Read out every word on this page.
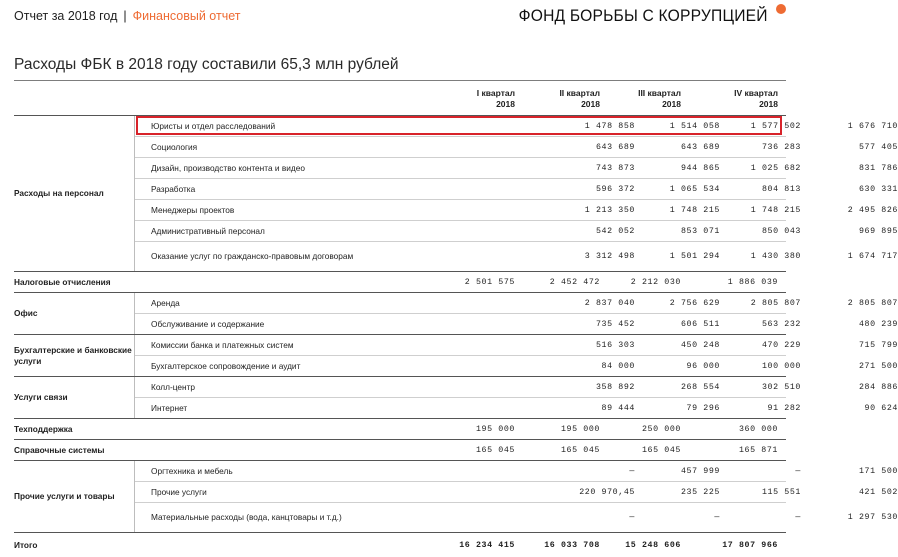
Отчет за 2018 год | Финансовый отчет	ФОНД БОРЬБЫ С КОРРУПЦИЕЙ
Расходы ФБК в 2018 году составили 65,3 млн рублей
I квартал
2018
II квартал
2018
III квартал
2018
IV квартал
2018
Расходы на персонал
Юристы и отдел расследований	1 478 858	1 514 058	1 577 502	1 676 710
Социология	643 689	643 689	736 283	577 405
Дизайн, производство контента и видео	743 873	944 865	1 025 682	831 786
Разработка	596 372	1 065 534	804 813	630 331
Менеджеры проектов	1 213 350	1 748 215	1 748 215	2 495 826
Административный персонал	542 052	853 071	850 043	969 895
Оказание услуг по гражданско-правовым договорам	3 312 498	1 501 294	1 430 380	1 674 717
Налоговые отчисления	2 501 575	2 452 472	2 212 030	1 886 039
Офис
Аренда	2 837 040	2 756 629	2 805 807	2 805 807
Обслуживание и содержание	735 452	606 511	563 232	480 239
Бухгалтерские и банковские услуги
Комиссии банка и платежных систем	516 303	450 248	470 229	715 799
Бухгалтерское сопровождение и аудит	84 000	96 000	100 000	271 500
Услуги связи
Колл-центр	358 892	268 554	302 510	284 886
Интернет	89 444	79 296	91 282	90 624
Техподдержка	195 000	195 000	250 000	360 000
Справочные системы	165 045	165 045	165 045	165 871
Прочие услуги и товары
Оргтехника и мебель	—	457 999	—	171 500
Прочие услуги	220 970,45	235 225	115 551	421 502
Материальные расходы (вода, канцтовары и т.д.)	—	—	—	1 297 530
Итого	16 234 415	16 033 708	15 248 606	17 807 966
